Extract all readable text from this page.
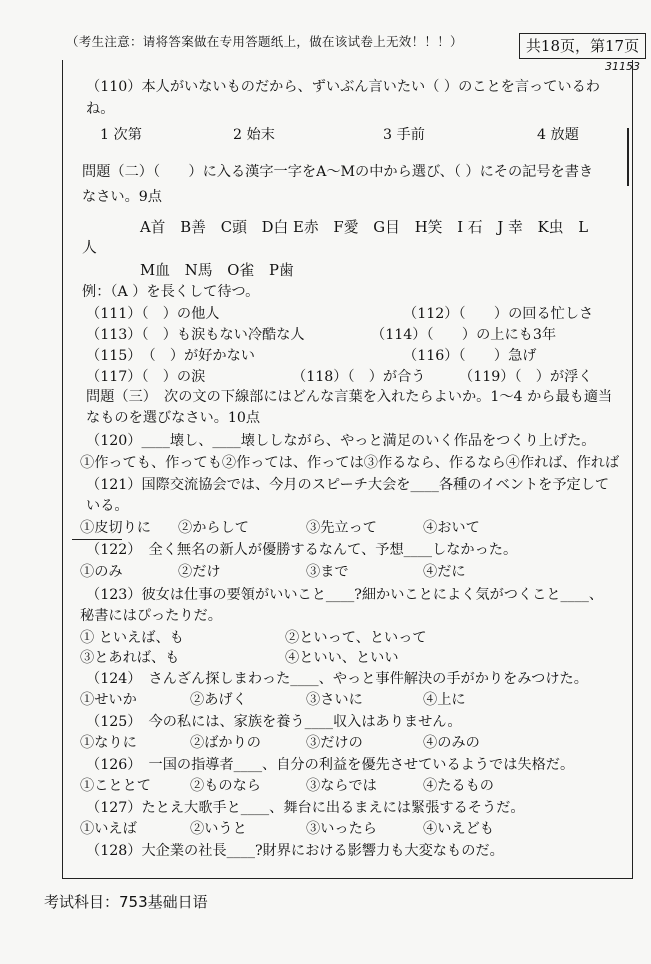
（考生注意：请将答案做在专用答题纸上，做在该试卷上无效！！！）	共18页，第17页
31153
（110）本人がいないものだから、ずいぶん言いたい（ ）のことを言っているわ
ね。
1 次第	2 始末	3 手前	4 放題
問題（二）（　　）に入る漢字一字をA～Mの中から選び、（ ）にその記号を書き
なさい。9点
A首　B善　C頭　D白 E赤　F愛　G目　H笑　I 石　J 幸　K虫　L
人
M血　N馬　O雀　P歯
例：（A ）を長くして待つ。
（111）（　）の他人	（112）（　　）の回る忙しさ
（113）（　）も涙もない冷酷な人	（114）（　　）の上にも3年
（115）　（　）が好かない	（116）（　　）急げ
（117）（　）の涙	（118）（　）が合う （119）（　）が浮く
問題（三）　次の文の下線部にはどんな言葉を入れたらよいか。1～4 から最も適当
なものを選びなさい。10点
（120）____壊し、____壊ししながら、やっと満足のいく作品をつくり上げた。
①作っても、作っても②作っては、作っては③作るなら、作るなら④作れば、作れば
（121）国際交流協会では、今月のスピーチ大会を____各種のイベントを予定して
いる。
①皮切りに ②からして	③先立って	④おいて
（122）　全く無名の新人が優勝するなんて、予想____しなかった。
①のみ	②だけ	③まで	④だに
（123）彼女は仕事の要領がいいこと____?細かいことによく気がつくこと____、
秘書にはぴったりだ。
① といえば、も	②といって、といって
③とあれば、も	④といい、といい
（124）　さんざん探しまわった____、やっと事件解決の手がかりをみつけた。
①せいか	②あげく	③さいに	④上に
（125）　今の私には、家族を養う____収入はありません。
①なりに	②ばかりの	③だけの	④のみの
（126）　一国の指導者____、自分の利益を優先させているようでは失格だ。
①こととて	②ものなら	③ならでは	④たるもの
（127）たとえ大歌手と____、舞台に出るまえには緊張するそうだ。
①いえば	②いうと	③いったら	④いえども
（128）大企業の社長____?財界における影響力も大変なものだ。
考试科目：753基础日语
